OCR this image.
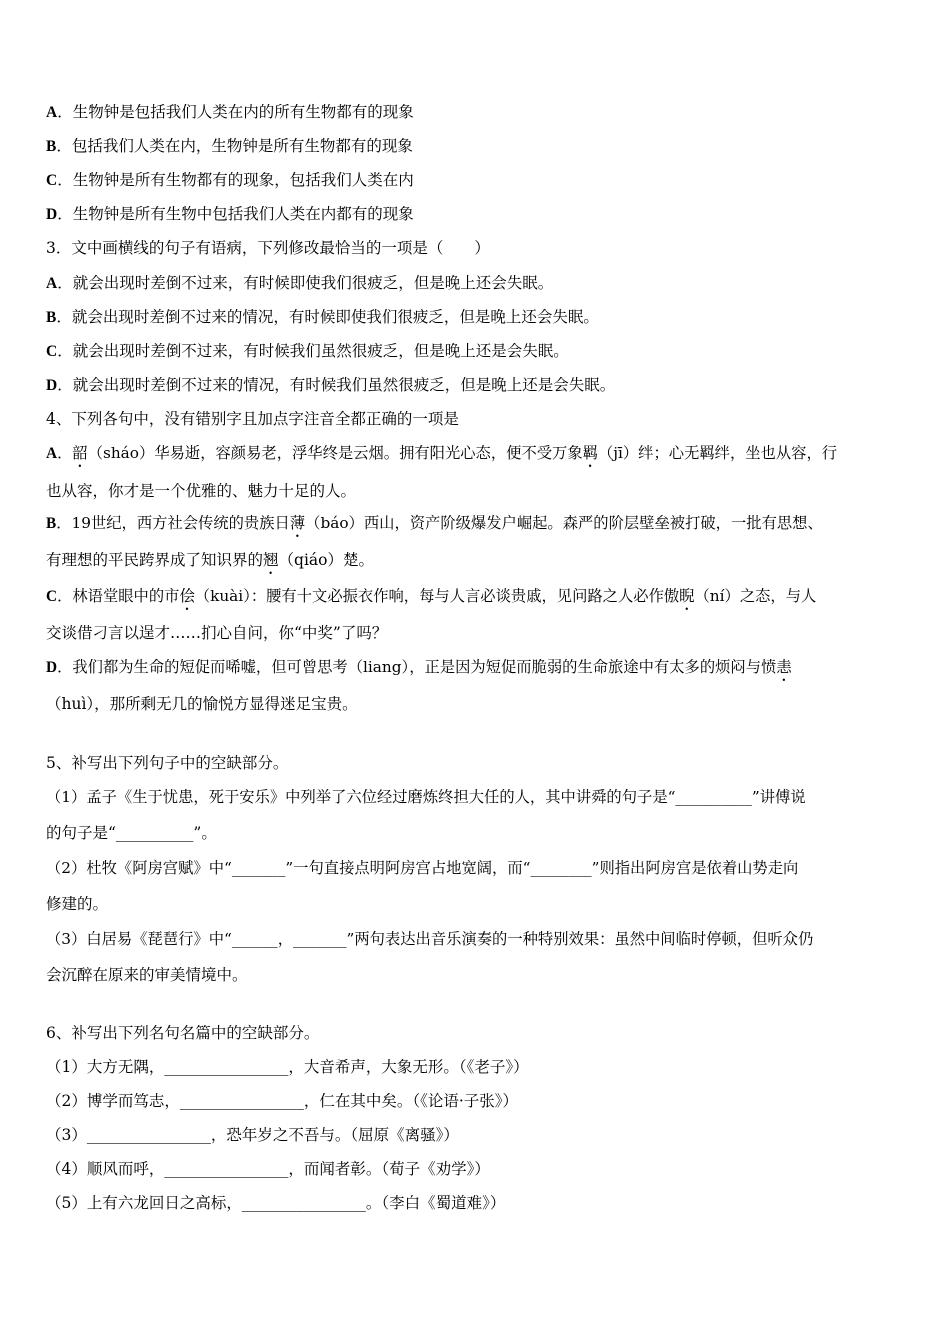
A．生物钟是包括我们人类在内的所有生物都有的现象
B．包括我们人类在内，生物钟是所有生物都有的现象
C．生物钟是所有生物都有的现象，包括我们人类在内
D．生物钟是所有生物中包括我们人类在内都有的现象
3．文中画横线的句子有语病，下列修改最恰当的一项是（　　）
A．就会出现时差倒不过来，有时候即使我们很疲乏，但是晚上还会失眠。
B．就会出现时差倒不过来的情况，有时候即使我们很疲乏，但是晚上还会失眠。
C．就会出现时差倒不过来，有时候我们虽然很疲乏，但是晚上还是会失眠。
D．就会出现时差倒不过来的情况，有时候我们虽然很疲乏，但是晚上还是会失眠。
4、下列各句中，没有错别字且加点字注音全都正确的一项是
A．韶（sháo）华易逝，容颜易老，浮华终是云烟。拥有阳光心态，便不受万象羁（jī）绊；心无羁绊，坐也从容，行
也从容，你才是一个优雅的、魅力十足的人。
B．19世纪，西方社会传统的贵族日薄（báo）西山，资产阶级爆发户崛起。森严的阶层壁垒被打破，一批有思想、
有理想的平民跨界成了知识界的翘（qiáo）楚。
C．林语堂眼中的市侩（kuài）：腰有十文必振衣作响，每与人言必谈贵戚，见问路之人必作傲睨（ní）之态，与人
交谈借刁言以逞才……扪心自问，你“中奖”了吗？
D．我们都为生命的短促而唏嘘，但可曾思考（liang），正是因为短促而脆弱的生命旅途中有太多的烦闷与愤恚
（huì），那所剩无几的愉悦方显得迷足宝贵。
5、补写出下列句子中的空缺部分。
（1）孟子《生于忧患，死于安乐》中列举了六位经过磨炼终担大任的人，其中讲舜的句子是“__________”讲傅说
的句子是“__________”。
（2）杜牧《阿房宫赋》中“_______”一句直接点明阿房宫占地宽阔，而“________”则指出阿房宫是依着山势走向
修建的。
（3）白居易《琵琶行》中“______，_______”两句表达出音乐演奏的一种特别效果：虽然中间临时停顿，但听众仍
会沉醉在原来的审美情境中。
6、补写出下列名句名篇中的空缺部分。
（1）大方无隅，________________，大音希声，大象无形。（《老子》）
（2）博学而笃志，________________，仁在其中矣。（《论语·子张》）
（3）________________，恐年岁之不吾与。（屈原《离骚》）
（4）顺风而呼，________________，而闻者彰。（荀子《劝学》）
（5）上有六龙回日之高标，________________。（李白《蜀道难》）
